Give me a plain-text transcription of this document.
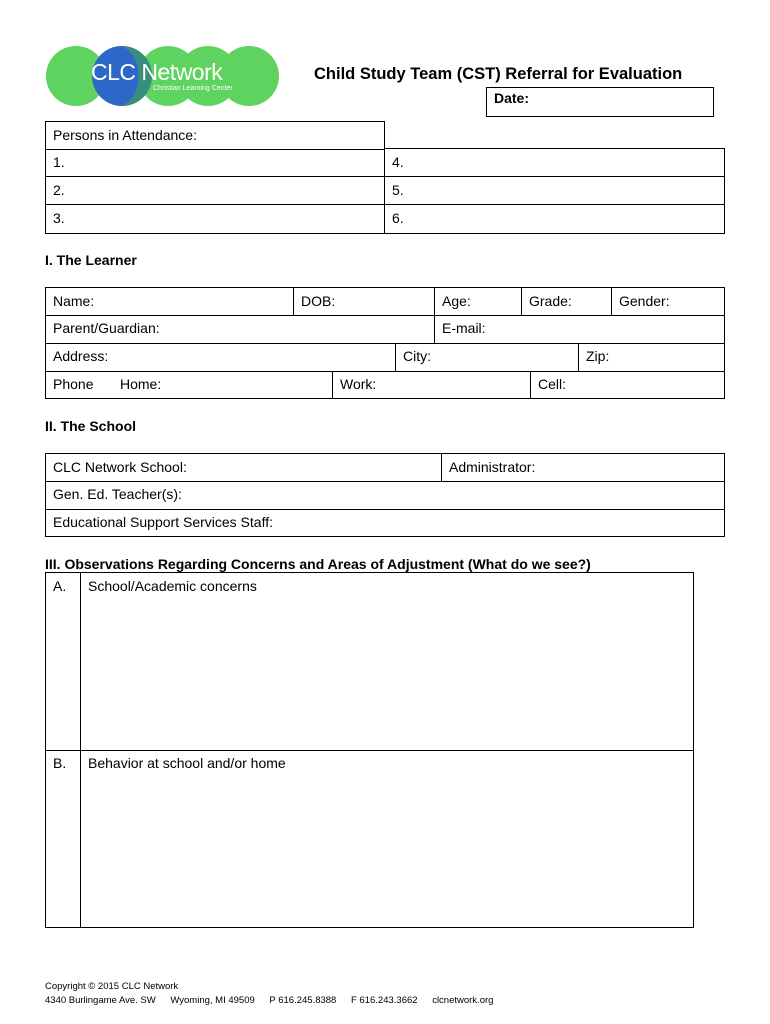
CLC Network
Christian Learning Center
Child Study Team (CST) Referral for Evaluation
Date:
Persons in Attendance:
1.	4.
2.	5.
3.	6.
I. The Learner
Name:	DOB:	Age:	Grade:	Gender:
Parent/Guardian:	E-mail:
Address:	City:	Zip:
Phone Home:	Work:	Cell:
II. The School
CLC Network School:	Administrator:
Gen. Ed. Teacher(s):
Educational Support Services Staff:
III. Observations Regarding Concerns and Areas of Adjustment (What do we see?)
A.	School/Academic concerns
B.	Behavior at school and/or home
Copyright © 2015 CLC Network
4340 Burlingame Ave. SW Wyoming, MI 49509 P 616.245.8388 F 616.243.3662 clcnetwork.org
